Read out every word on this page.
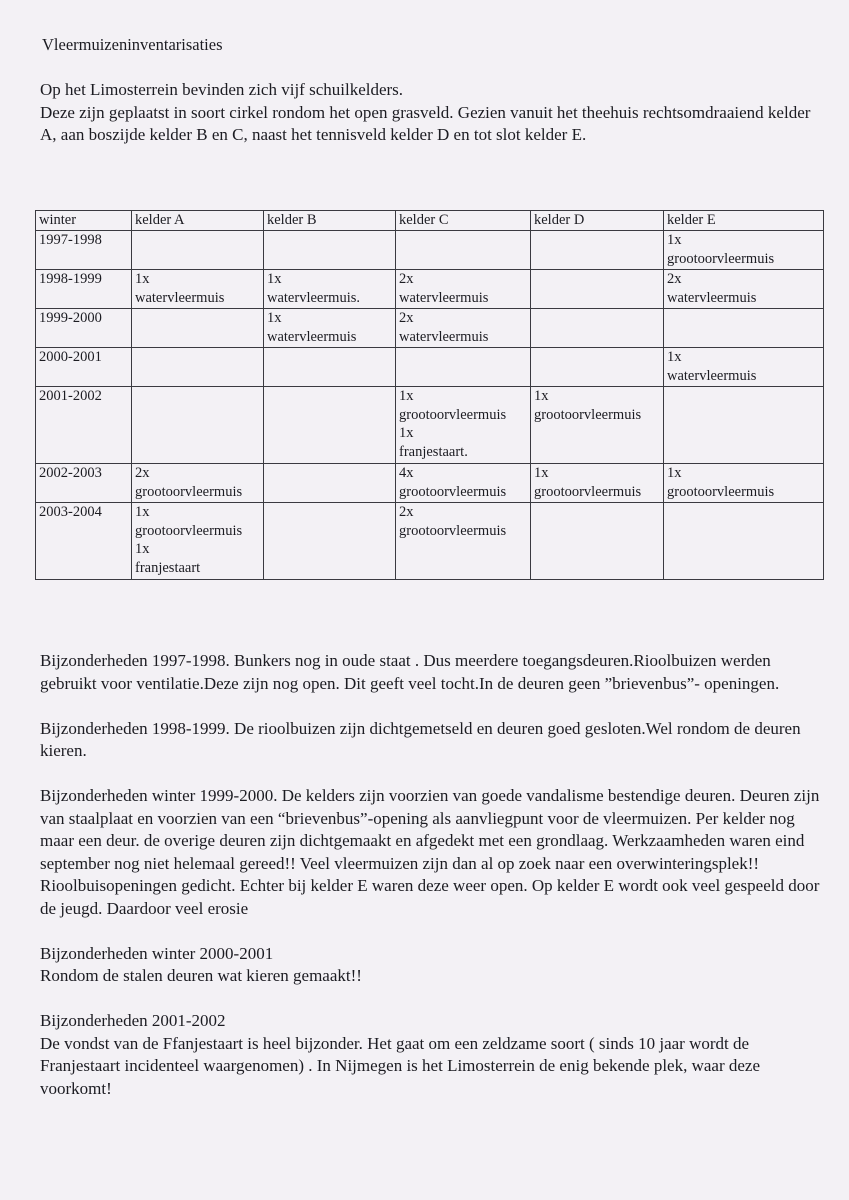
Vleermuizeninventarisaties

Op het Limosterrein bevinden zich vijf schuilkelders.

Deze zijn geplaatst in soort cirkel rondom het open grasveld. Gezien vanuit het theehuis rechtsomdraaiend kelder A, aan boszijde kelder B en C, naast het tennisveld kelder D en tot slot kelder E.

winter	kelder A	kelder B	kelder C	kelder D	kelder E
1997-1998					1x
grootoorvleermuis

1998-1999	1x
watervleermuis	1x
watervleermuis.	2x
watervleermuis		2x
watervleermuis

1999-2000		1x
watervleermuis	2x
watervleermuis		

2000-2001					1x
watervleermuis

2001-2002			1x
grootoorvleermuis
1x
franjestaart.	1x
grootoorvleermuis	

2002-2003	2x
grootoorvleermuis		4x
grootoorvleermuis	1x
grootoorvleermuis	1x
grootoorvleermuis

2003-2004	1x
grootoorvleermuis
1x
franjestaart		2x
grootoorvleermuis		

Bijzonderheden 1997-1998. Bunkers nog in oude staat . Dus meerdere toegangsdeuren.Rioolbuizen werden gebruikt voor ventilatie.Deze zijn nog open. Dit geeft veel tocht.In de deuren geen ”brievenbus”- openingen.

Bijzonderheden 1998-1999. De rioolbuizen zijn dichtgemetseld en deuren goed gesloten.Wel rondom de deuren kieren.

Bijzonderheden winter 1999-2000. De kelders zijn voorzien van goede vandalisme bestendige deuren. Deuren zijn van staalplaat en voorzien van een “brievenbus”-opening als aanvliegpunt voor de vleermuizen. Per kelder nog maar een deur. de overige deuren zijn dichtgemaakt en afgedekt met een grondlaag. Werkzaamheden waren eind september nog niet helemaal gereed!! Veel vleermuizen zijn dan al op zoek naar een overwinteringsplek!! Rioolbuisopeningen gedicht. Echter bij kelder E waren deze weer open. Op kelder E wordt ook veel gespeeld door de jeugd. Daardoor veel erosie

Bijzonderheden winter 2000-2001
Rondom de stalen deuren wat kieren gemaakt!!

Bijzonderheden 2001-2002
De vondst van de Ffanjestaart is heel bijzonder. Het gaat om een zeldzame soort ( sinds 10 jaar wordt de Franjestaart incidenteel waargenomen) . In Nijmegen is het Limosterrein de enig bekende plek, waar deze voorkomt!
